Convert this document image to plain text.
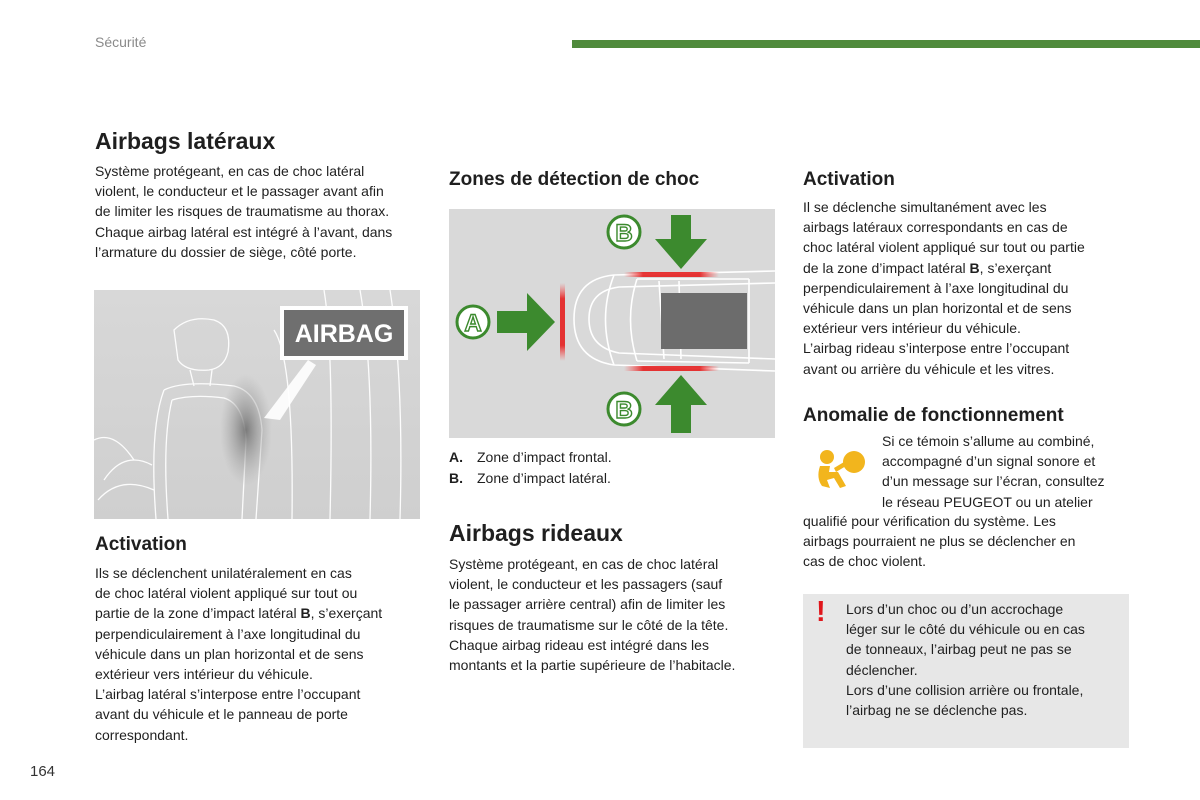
Sécurité
Airbags latéraux

Système protégeant, en cas de choc latéral

violent, le conducteur et le passager avant afin

de limiter les risques de traumatisme au thorax.

Chaque airbag latéral est intégré à l’avant, dans

l’armature du dossier de siège, côté porte.

AIRBAG
Activation

Ils se déclenchent unilatéralement en cas

de choc latéral violent appliqué sur tout ou

partie de la zone d’impact latéral B, s’exerçant

perpendiculairement à l’axe longitudinal du

véhicule dans un plan horizontal et de sens

extérieur vers intérieur du véhicule.

L’airbag latéral s’interpose entre l’occupant

avant du véhicule et le panneau de porte

correspondant.

164
Zones de détection de choc
A
B
B
A. Zone d’impact frontal.
B. Zone d’impact latéral.
Airbags rideaux

Système protégeant, en cas de choc latéral

violent, le conducteur et les passagers (sauf

le passager arrière central) afin de limiter les

risques de traumatisme sur le côté de la tête.

Chaque airbag rideau est intégré dans les

montants et la partie supérieure de l’habitacle.

Activation

Il se déclenche simultanément avec les

airbags latéraux correspondants en cas de

choc latéral violent appliqué sur tout ou partie

de la zone d’impact latéral B, s’exerçant

perpendiculairement à l’axe longitudinal du

véhicule dans un plan horizontal et de sens

extérieur vers intérieur du véhicule.

L’airbag rideau s’interpose entre l’occupant

avant ou arrière du véhicule et les vitres.

Anomalie de fonctionnement

Si ce témoin s’allume au combiné,

accompagné d’un signal sonore et

d’un message sur l’écran, consultez

le réseau PEUGEOT ou un atelier

qualifié pour vérification du système. Les

airbags pourraient ne plus se déclencher en

cas de choc violent.

! Lors d’un choc ou d’un accrochage

léger sur le côté du véhicule ou en cas

de tonneaux, l’airbag peut ne pas se

déclencher.

Lors d’une collision arrière ou frontale,

l’airbag ne se déclenche pas.
